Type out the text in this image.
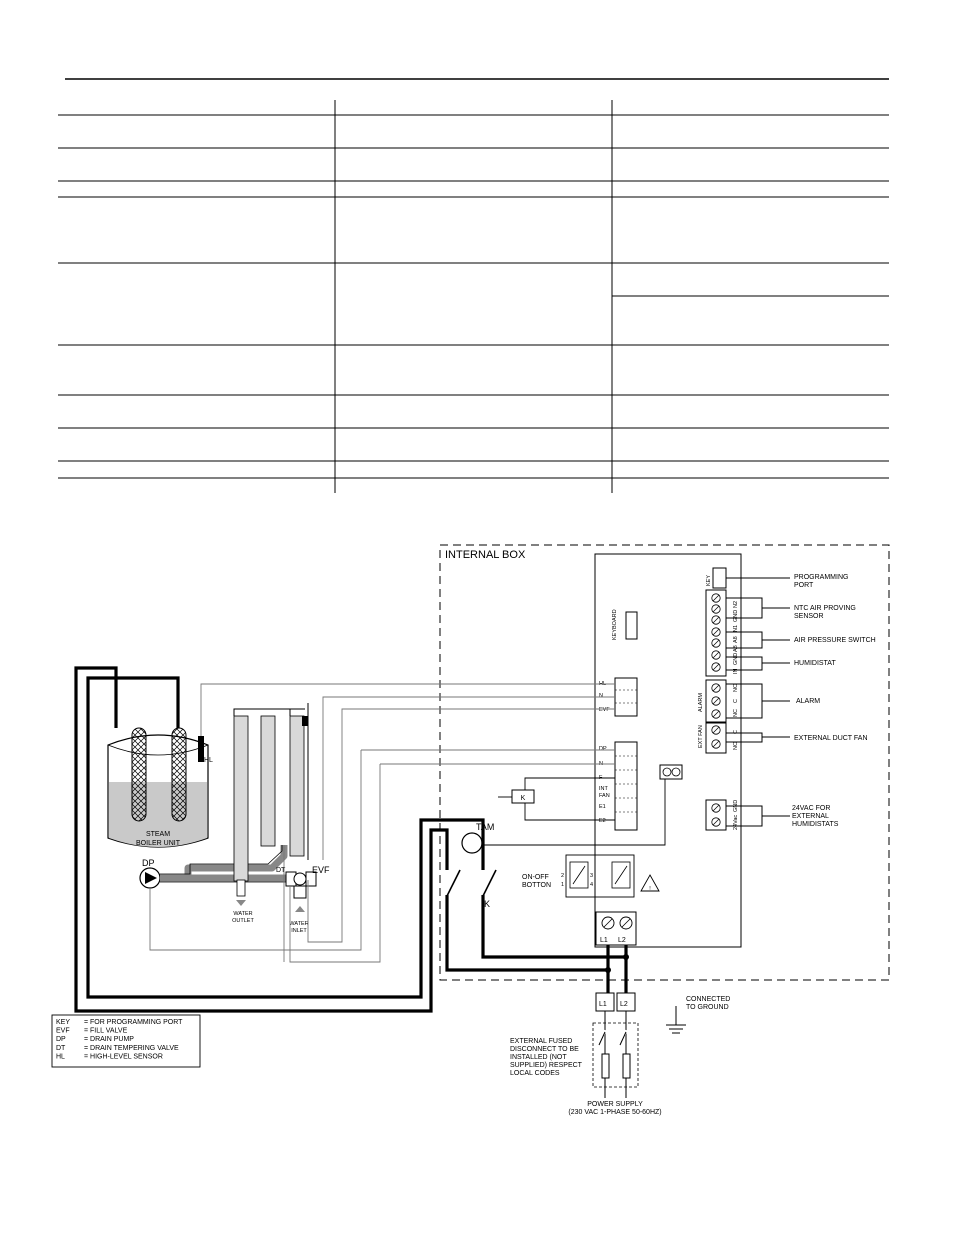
INTERNAL BOX
KEYBOARD
KEY
N2
GND
N1
A8
A8
GND
IN
ALARM
NO
C
NC
EXT FAN	C
NO
GND
24Vac
HL
N
EVF
DP
N
F
INT
FAN
E1
E2
PROGRAMMING PORT
NTC AIR PROVING SENSOR
AIR PRESSURE SWITCH
HUMIDISTAT
ALARM
EXTERNAL DUCT FAN
24VAC FOR EXTERNAL HUMIDISTATS
STEAM
BOILER UNIT
HL
DP
WATER
OUTLET
DT	EVF
WATER
INLET
K
TAM
K
2
1
3
4
ON-OFF
BOTTON	!
L1 L2
L1 L2
EXTERNAL FUSED DISCONNECT TO BE INSTALLED (NOT SUPPLIED) RESPECT LOCAL CODES
POWER SUPPLY
(230 VAC 1-PHASE 50-60HZ)
CONNECTED
TO GROUND
KEY = FOR PROGRAMMING PORT
EVF = FILL VALVE
DP	= DRAIN PUMP
DT	= DRAIN TEMPERING VALVE
HL	= HIGH-LEVEL SENSOR
